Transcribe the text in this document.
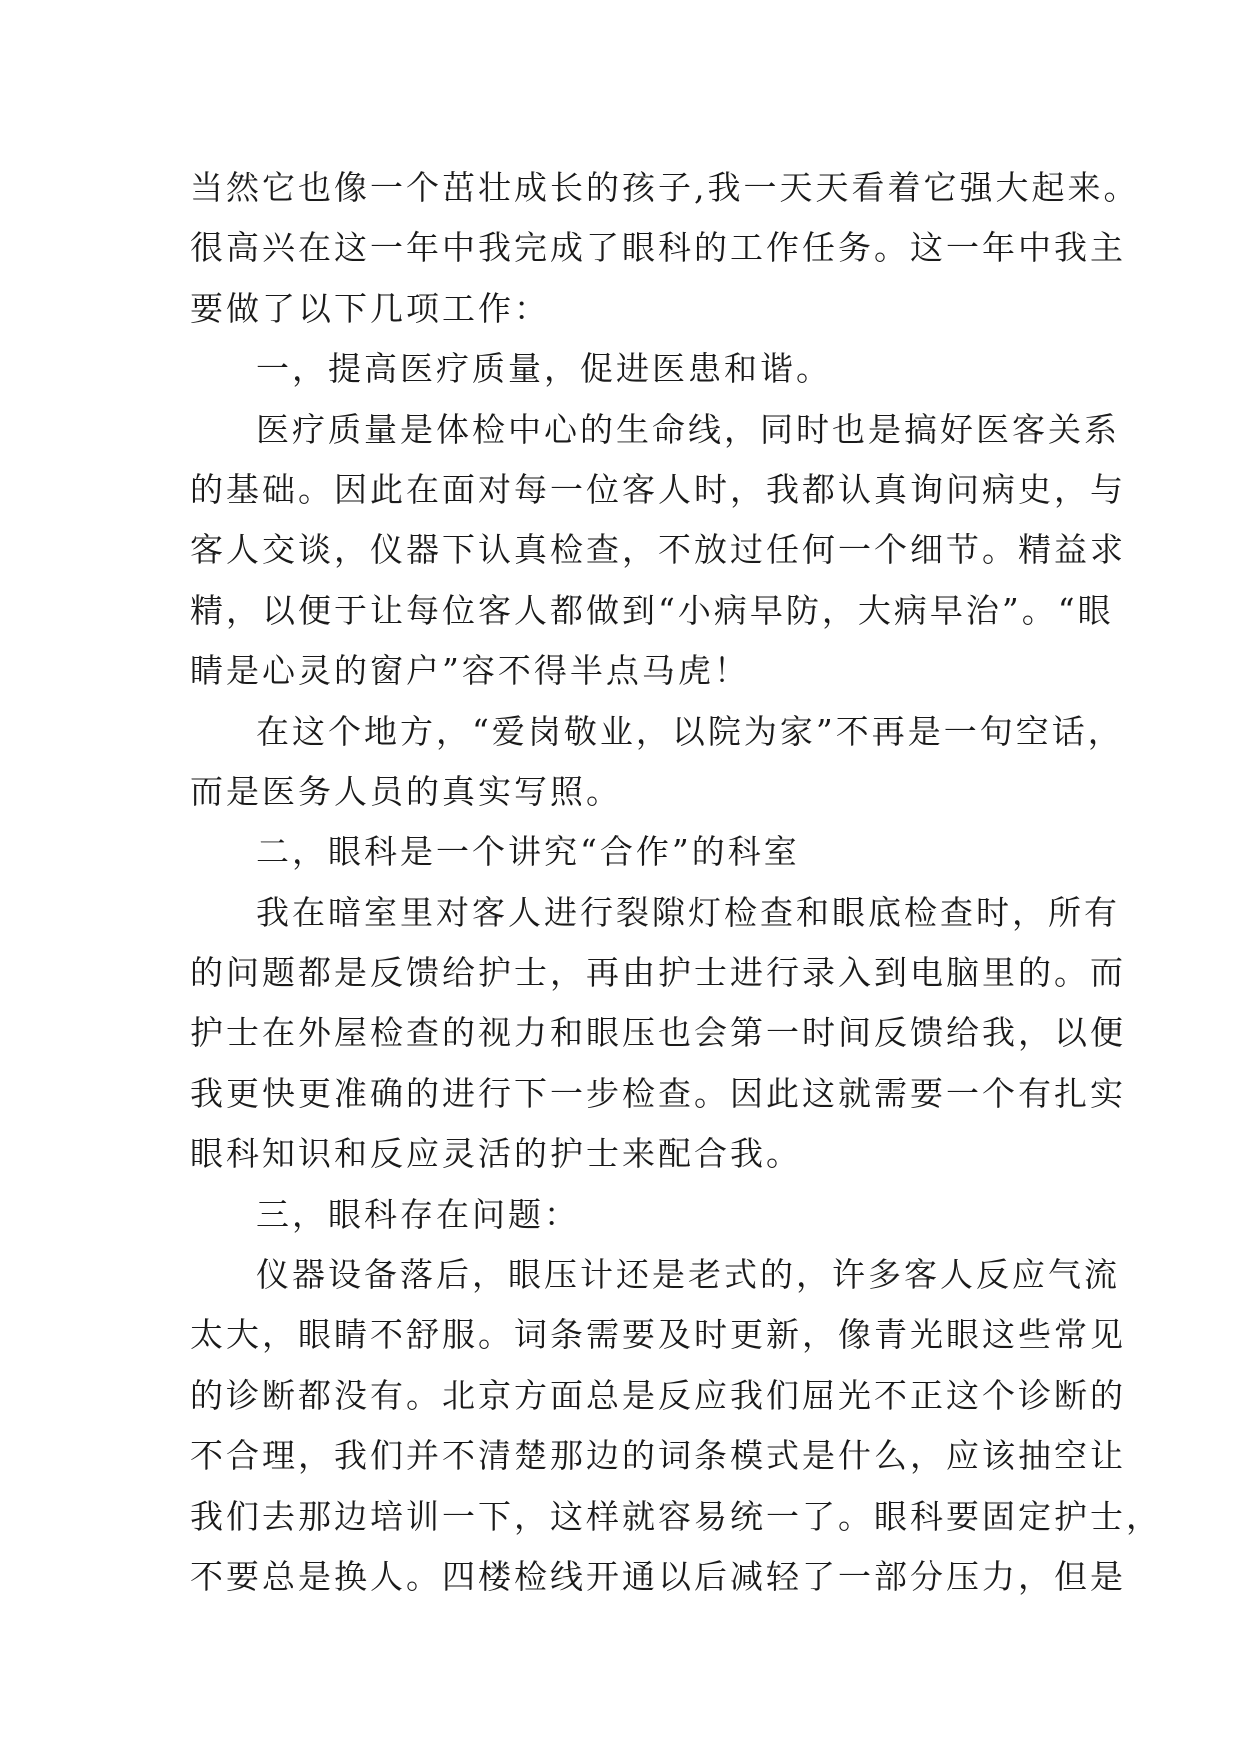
当然它也像一个茁壮成长的孩子,我一天天看着它强大起来。
很高兴在这一年中我完成了眼科的工作任务。这一年中我主
要做了以下几项工作：
一，提高医疗质量，促进医患和谐。
医疗质量是体检中心的生命线，同时也是搞好医客关系
的基础。因此在面对每一位客人时，我都认真询问病史，与
客人交谈，仪器下认真检查，不放过任何一个细节。精益求
精，以便于让每位客人都做到“小病早防，大病早治”。“眼
睛是心灵的窗户”容不得半点马虎！
在这个地方，“爱岗敬业，以院为家”不再是一句空话，
而是医务人员的真实写照。
二，眼科是一个讲究“合作”的科室
我在暗室里对客人进行裂隙灯检查和眼底检查时，所有
的问题都是反馈给护士，再由护士进行录入到电脑里的。而
护士在外屋检查的视力和眼压也会第一时间反馈给我，以便
我更快更准确的进行下一步检查。因此这就需要一个有扎实
眼科知识和反应灵活的护士来配合我。
三，眼科存在问题：
仪器设备落后，眼压计还是老式的，许多客人反应气流
太大，眼睛不舒服。词条需要及时更新，像青光眼这些常见
的诊断都没有。北京方面总是反应我们屈光不正这个诊断的
不合理，我们并不清楚那边的词条模式是什么，应该抽空让
我们去那边培训一下，这样就容易统一了。眼科要固定护士，
不要总是换人。四楼检线开通以后减轻了一部分压力，但是
